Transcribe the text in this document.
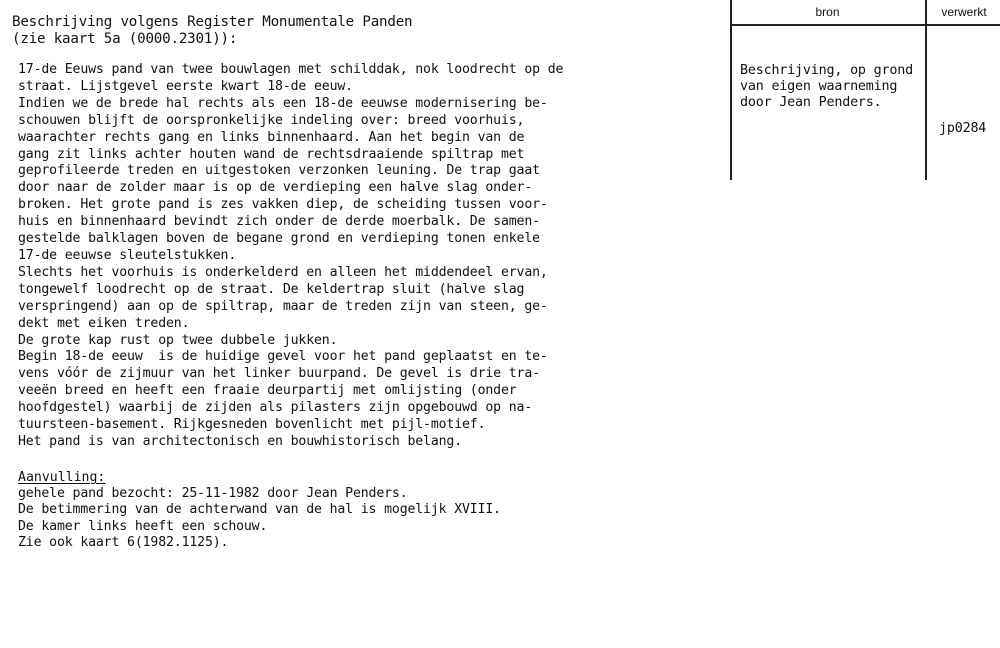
Beschrijving volgens Register Monumentale Panden
(zie kaart 5a (0000.2301)):
17-de Eeuws pand van twee bouwlagen met schilddak, nok loodrecht op de
straat. Lijstgevel eerste kwart 18-de eeuw.
Indien we de brede hal rechts als een 18-de eeuwse modernisering be-
schouwen blijft de oorspronkelijke indeling over: breed voorhuis,
waarachter rechts gang en links binnenhaard. Aan het begin van de
gang zit links achter houten wand de rechtsdraaiende spiltrap met
geprofileerde treden en uitgestoken verzonken leuning. De trap gaat
door naar de zolder maar is op de verdieping een halve slag onder-
broken. Het grote pand is zes vakken diep, de scheiding tussen voor-
huis en binnenhaard bevindt zich onder de derde moerbalk. De samen-
gestelde balklagen boven de begane grond en verdieping tonen enkele
17-de eeuwse sleutelstukken.
Slechts het voorhuis is onderkelderd en alleen het middendeel ervan,
tongewelf loodrecht op de straat. De keldertrap sluit (halve slag
verspringend) aan op de spiltrap, maar de treden zijn van steen, ge-
dekt met eiken treden.
De grote kap rust op twee dubbele jukken.
Begin 18-de eeuw  is de huidige gevel voor het pand geplaatst en te-
vens vóór de zijmuur van het linker buurpand. De gevel is drie tra-
veeën breed en heeft een fraaie deurpartij met omlijsting (onder
hoofdgestel) waarbij de zijden als pilasters zijn opgebouwd op na-
tuursteen-basement. Rijkgesneden bovenlicht met pijl-motief.
Het pand is van architectonisch en bouwhistorisch belang.
Aanvulling:
gehele pand bezocht: 25-11-1982 door Jean Penders.
De betimmering van de achterwand van de hal is mogelijk XVIII.
De kamer links heeft een schouw.
Zie ook kaart 6(1982.1125).
bron	verwerkt
Beschrijving, op grond
van eigen waarneming
door Jean Penders.
jp0284
